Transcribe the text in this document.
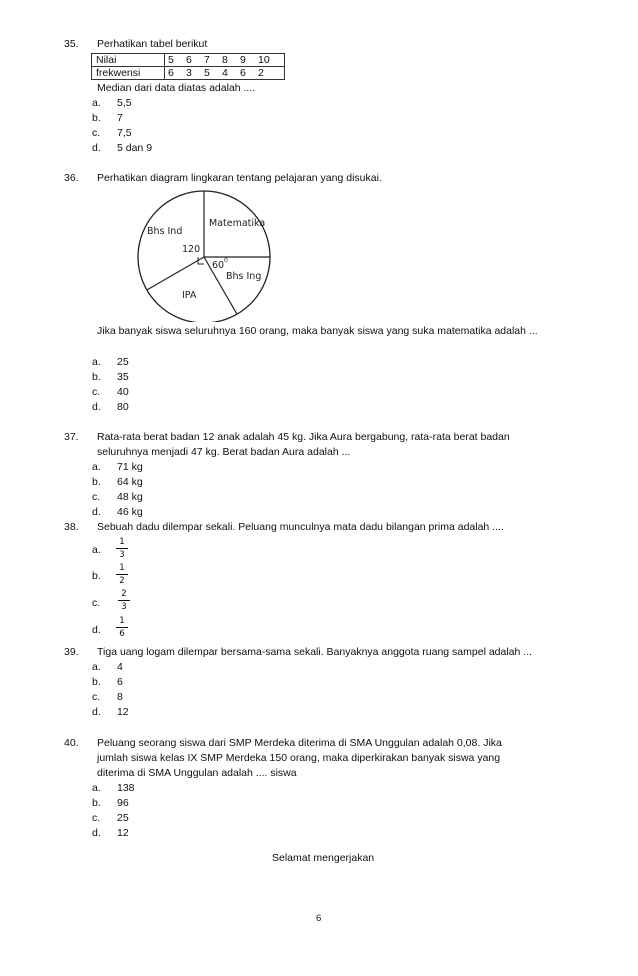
35. Perhatikan tabel berikut
Nilai	5	6	7	8	9	10
frekwensi	6	3	5	4	6	2
Median dari data diatas adalah ....
a. 5,5
b. 7
c. 7,5
d. 5 dan 9
36. Perhatikan diagram lingkaran tentang pelajaran yang disukai.
Matematika
Bhs Ind
Bhs Ing
IPA
120
60 0
Jika banyak siswa seluruhnya 160 orang, maka banyak siswa yang suka matematika adalah ...
a. 25
b. 35
c. 40
d. 80
37. Rata-rata berat badan 12 anak adalah 45 kg. Jika Aura bergabung, rata-rata berat badan
seluruhnya menjadi 47 kg. Berat badan Aura adalah ...
a. 71 kg
b. 64 kg
c. 48 kg
d. 46 kg
38. Sebuah dadu dilempar sekali. Peluang munculnya mata dadu bilangan prima adalah ....
a.
1
3
b.
1
2
c.
2
3
d.
1
6
39. Tiga uang logam dilempar bersama-sama sekali. Banyaknya anggota ruang sampel adalah ...
a. 4
b. 6
c. 8
d. 12
40. Peluang seorang siswa dari SMP Merdeka diterima di SMA Unggulan adalah 0,08. Jika
jumlah siswa kelas IX SMP Merdeka 150 orang, maka diperkirakan banyak siswa yang
diterima di SMA Unggulan adalah .... siswa
a. 138
b. 96
c. 25
d. 12
Selamat mengerjakan
6
